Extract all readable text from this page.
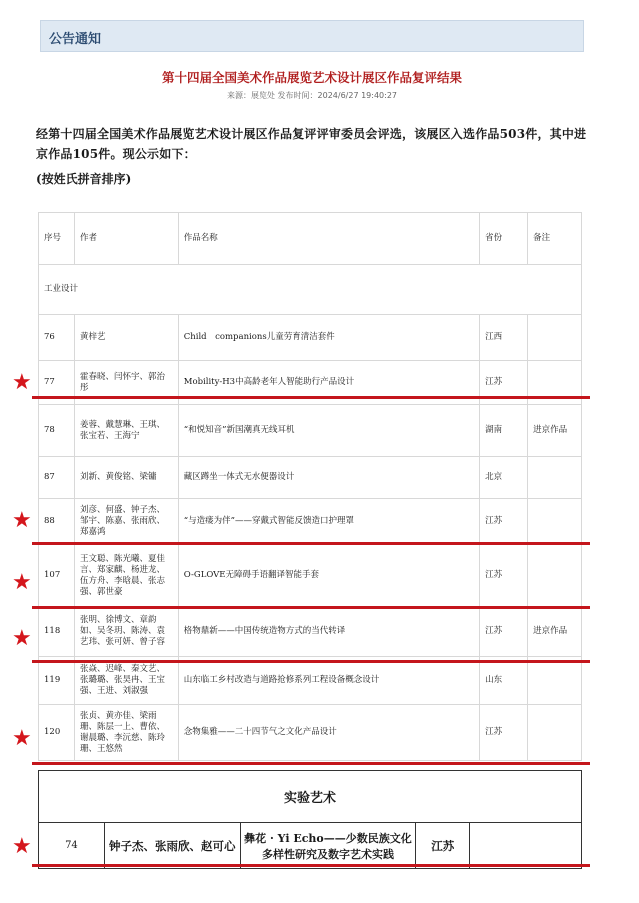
公告通知
第十四届全国美术作品展览艺术设计展区作品复评结果
来源：展览处 发布时间：2024/6/27 19:40:27
经第十四届全国美术作品展览艺术设计展区作品复评评审委员会评选，该展区入选作品503件，其中进京作品105件。现公示如下：
(按姓氏拼音排序)
序号	作者	作品名称	省份	备注
工业设计				
76	黄梓艺	Child　companions儿童劳育清洁套件	江西	
77	霍春晓、闫怀宇、郭治彤	Mobility-H3中高龄老年人智能助行产品设计	江苏	
78	姜蓉、戴慧琳、王琪、张宝若、王海宁	“和悦知音”新国潮真无线耳机	湖南	进京作品
87	刘新、黄俊铭、梁镛	藏区蹲坐一体式无水便器设计	北京	
88	刘彦、何盛、钟子杰、邹宇、陈嘉、张雨欣、郑嘉鸿	“与造瘘为伴”——穿戴式智能反馈造口护理罩	江苏	
107	王文聪、陈光曦、夏佳言、郑家麒、杨进龙、伍方舟、李晗晨、张志强、郭世豪	O-GLOVE无障碍手语翻译智能手套	江苏	
118	张明、徐博文、章韵如、吴冬玥、陈涛、袁艺玮、张可妍、曾子容	格物鼎新——中国传统造物方式的当代转译	江苏	进京作品
119	张焱、迟峰、秦文艺、张璐璐、张昊冉、王宝强、王进、刘淑强	山东临工乡村改造与道路抢修系列工程设备概念设计	山东	
120	张贞、黄亦佳、梁雨珊、陈层一上、曹依、谢晨璐、李沅慈、陈玲珊、王悠然	念物集雅——二十四节气之文化产品设计	江苏	
实验艺术
74	钟子杰、张雨欣、赵可心	彝花 · Yi Echo——少数民族文化多样性研究及数字艺术实践	江苏	
★
★
★
★
★
★
